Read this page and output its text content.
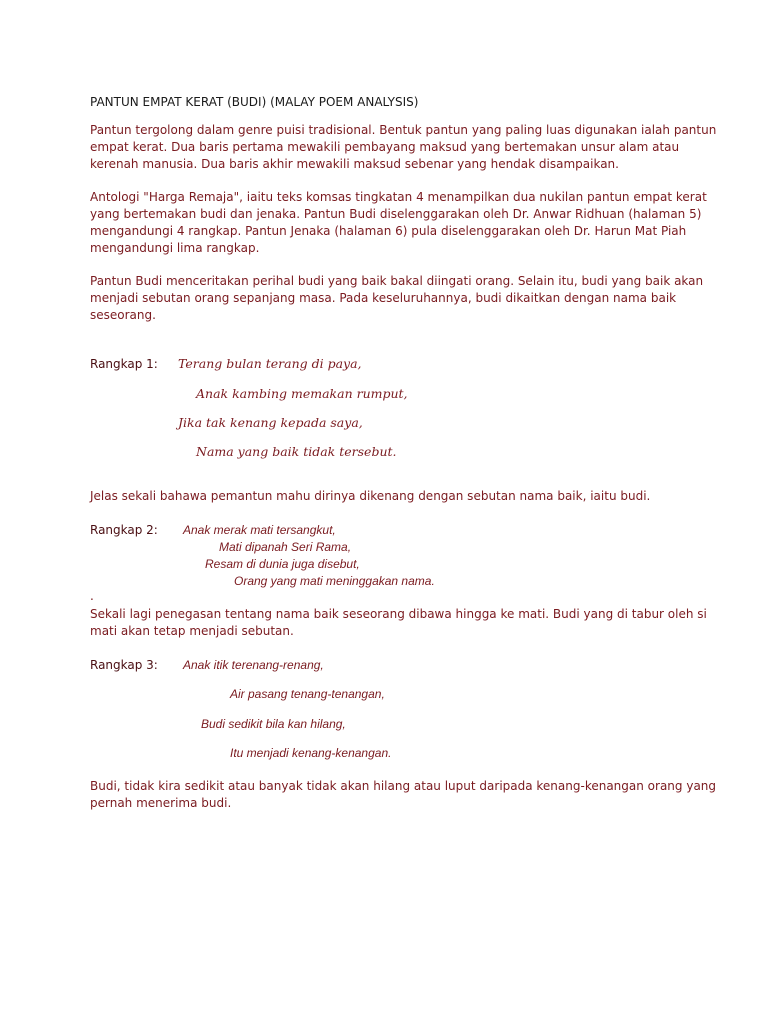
PANTUN EMPAT KERAT (BUDI) (MALAY POEM ANALYSIS)

Pantun tergolong dalam genre puisi tradisional. Bentuk pantun yang paling luas digunakan ialah pantun

empat kerat. Dua baris pertama mewakili pembayang maksud yang bertemakan unsur alam atau

kerenah manusia. Dua baris akhir mewakili maksud sebenar yang hendak disampaikan.

Antologi "Harga Remaja", iaitu teks komsas tingkatan 4 menampilkan dua nukilan pantun empat kerat

yang bertemakan budi dan jenaka. Pantun Budi diselenggarakan oleh Dr. Anwar Ridhuan (halaman 5)

mengandungi 4 rangkap. Pantun Jenaka (halaman 6) pula diselenggarakan oleh Dr. Harun Mat Piah

mengandungi lima rangkap.

Pantun Budi menceritakan perihal budi yang baik bakal diingati orang. Selain itu, budi yang baik akan

menjadi sebutan orang sepanjang masa. Pada keseluruhannya, budi dikaitkan dengan nama baik

seseorang.

Rangkap 1: Terang bulan terang di paya,

Anak kambing memakan rumput,

Jika tak kenang kepada saya,

Nama yang baik tidak tersebut.

Jelas sekali bahawa pemantun mahu dirinya dikenang dengan sebutan nama baik, iaitu budi.

Rangkap 2: Anak merak mati tersangkut,

Mati dipanah Seri Rama,

Resam di dunia juga disebut,

Orang yang mati meninggakan nama.

.

Sekali lagi penegasan tentang nama baik seseorang dibawa hingga ke mati. Budi yang di tabur oleh si

mati akan tetap menjadi sebutan.

Rangkap 3: Anak itik terenang-renang,

Air pasang tenang-tenangan,

Budi sedikit bila kan hilang,

Itu menjadi kenang-kenangan.

Budi, tidak kira sedikit atau banyak tidak akan hilang atau luput daripada kenang-kenangan orang yang

pernah menerima budi.
